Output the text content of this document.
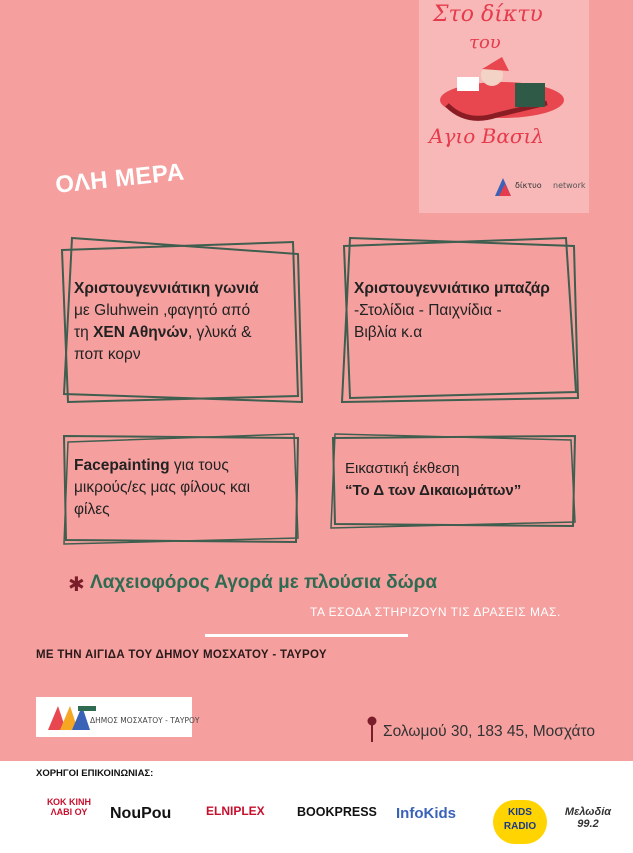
Στο δίκτυ
του
Αγιο Βασιλ
δίκτυο network
ΟΛΗ ΜΕΡΑ
Χριστουγεννιάτικη γωνιά
με Gluhwein ,φαγητό από
τη ΧΕΝ Αθηνών, γλυκά &
ποπ κορν
Χριστουγεννιάτικο μπαζάρ
-Στολίδια - Παιχνίδια -
Βιβλία κ.α
Facepainting για τους
μικρούς/ες μας φίλους και
φίλες
Εικαστική έκθεση
“Το Δ των Δικαιωμάτων”
✱ Λαχειοφόρος Αγορά με πλούσια δώρα
ΤΑ ΕΣΟΔΑ ΣΤΗΡΙΖΟΥΝ ΤΙΣ ΔΡΑΣΕΙΣ ΜΑΣ.
ΜΕ ΤΗΝ ΑΙΓΙΔΑ ΤΟΥ ΔΗΜΟΥ ΜΟΣΧΑΤΟΥ - ΤΑΥΡΟΥ
ΔΗΜΟΣ ΜΟΣΧΑΤΟΥ - ΤΑΥΡΟΥ
Σολωμού 30, 183 45, Μοσχάτο
ΧΟΡΗΓΟΙ ΕΠΙΚΟΙΝΩΝΙΑΣ:
ΚΟΚ ΚΙΝΗ ΛΑΒΙ ΟΥ	NouPou	ELNIPLEX	BOOKPRESS InfoKids	KIDS RADIO
Μελωδία 99.2
